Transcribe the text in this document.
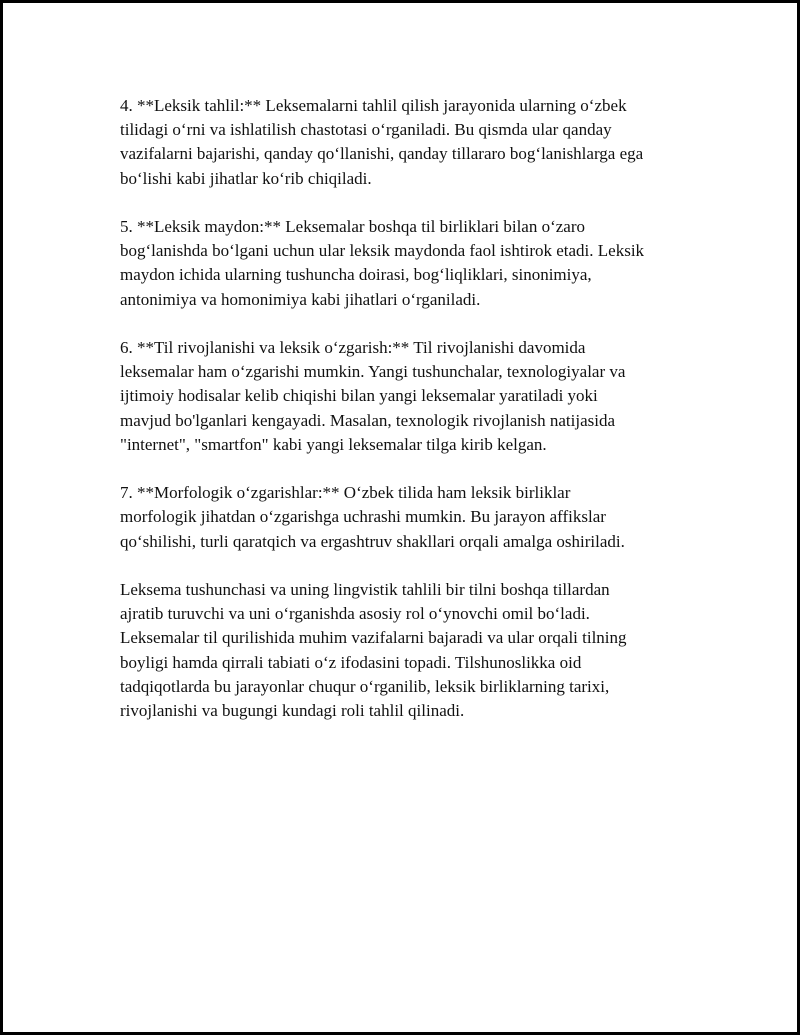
4. **Leksik tahlil:** Leksemalarni tahlil qilish jarayonida ularning o‘zbek
tilidagi o‘rni va ishlatilish chastotasi o‘rganiladi. Bu qismda ular qanday
vazifalarni bajarishi, qanday qo‘llanishi, qanday tillararo bog‘lanishlarga ega
bo‘lishi kabi jihatlar ko‘rib chiqiladi.
5. **Leksik maydon:** Leksemalar boshqa til birliklari bilan o‘zaro
bog‘lanishda bo‘lgani uchun ular leksik maydonda faol ishtirok etadi. Leksik
maydon ichida ularning tushuncha doirasi, bog‘liqliklari, sinonimiya,
antonimiya va homonimiya kabi jihatlari o‘rganiladi.
6. **Til rivojlanishi va leksik o‘zgarish:** Til rivojlanishi davomida
leksemalar ham o‘zgarishi mumkin. Yangi tushunchalar, texnologiyalar va
ijtimoiy hodisalar kelib chiqishi bilan yangi leksemalar yaratiladi yoki
mavjud bo'lganlari kengayadi. Masalan, texnologik rivojlanish natijasida
"internet", "smartfon" kabi yangi leksemalar tilga kirib kelgan.
7. **Morfologik o‘zgarishlar:** O‘zbek tilida ham leksik birliklar
morfologik jihatdan o‘zgarishga uchrashi mumkin. Bu jarayon affikslar
qo‘shilishi, turli qaratqich va ergashtruv shakllari orqali amalga oshiriladi.
Leksema tushunchasi va uning lingvistik tahlili bir tilni boshqa tillardan
ajratib turuvchi va uni o‘rganishda asosiy rol o‘ynovchi omil bo‘ladi.
Leksemalar til qurilishida muhim vazifalarni bajaradi va ular orqali tilning
boyligi hamda qirrali tabiati o‘z ifodasini topadi. Tilshunoslikka oid
tadqiqotlarda bu jarayonlar chuqur o‘rganilib, leksik birliklarning tarixi,
rivojlanishi va bugungi kundagi roli tahlil qilinadi.
